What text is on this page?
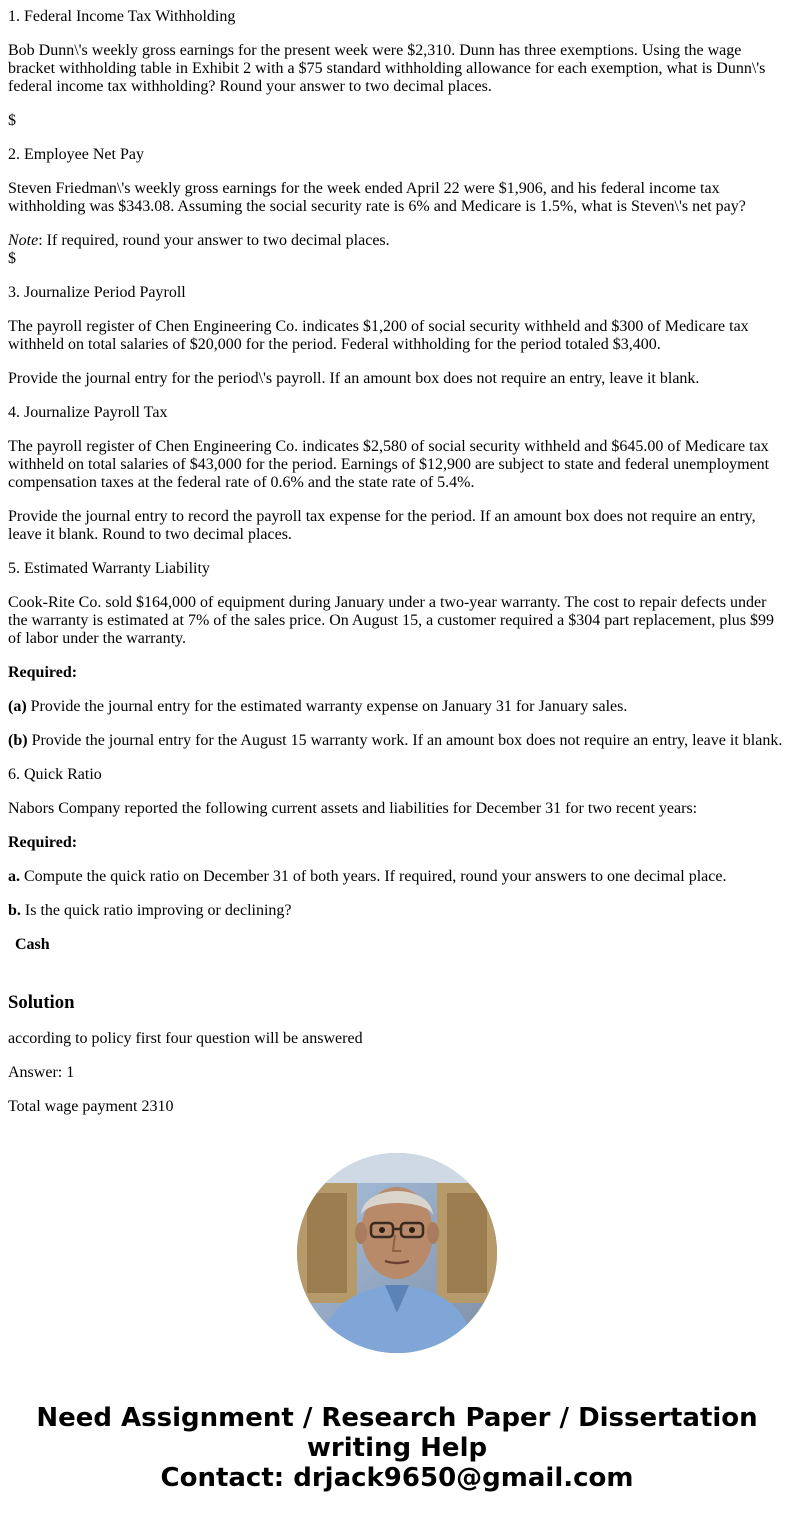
1. Federal Income Tax Withholding

Bob Dunn\'s weekly gross earnings for the present week were $2,310. Dunn has three exemptions. Using the wage bracket withholding table in Exhibit 2 with a $75 standard withholding allowance for each exemption, what is Dunn\'s federal income tax withholding? Round your answer to two decimal places.

$

2. Employee Net Pay

Steven Friedman\'s weekly gross earnings for the week ended April 22 were $1,906, and his federal income tax withholding was $343.08. Assuming the social security rate is 6% and Medicare is 1.5%, what is Steven\'s net pay?

Note: If required, round your answer to two decimal places.

$

3. Journalize Period Payroll

The payroll register of Chen Engineering Co. indicates $1,200 of social security withheld and $300 of Medicare tax withheld on total salaries of $20,000 for the period. Federal withholding for the period totaled $3,400.

Provide the journal entry for the period\'s payroll. If an amount box does not require an entry, leave it blank.

4. Journalize Payroll Tax

The payroll register of Chen Engineering Co. indicates $2,580 of social security withheld and $645.00 of Medicare tax withheld on total salaries of $43,000 for the period. Earnings of $12,900 are subject to state and federal unemployment compensation taxes at the federal rate of 0.6% and the state rate of 5.4%.

Provide the journal entry to record the payroll tax expense for the period. If an amount box does not require an entry, leave it blank. Round to two decimal places.

5. Estimated Warranty Liability

Cook-Rite Co. sold $164,000 of equipment during January under a two-year warranty. The cost to repair defects under the warranty is estimated at 7% of the sales price. On August 15, a customer required a $304 part replacement, plus $99 of labor under the warranty.

Required:

(a) Provide the journal entry for the estimated warranty expense on January 31 for January sales.

(b) Provide the journal entry for the August 15 warranty work. If an amount box does not require an entry, leave it blank.

6. Quick Ratio

Nabors Company reported the following current assets and liabilities for December 31 for two recent years:

Required:

a. Compute the quick ratio on December 31 of both years. If required, round your answers to one decimal place.

b. Is the quick ratio improving or declining?

Cash
Solution

according to policy first four question will be answered

Answer: 1

Total wage payment 2310

Need Assignment / Research Paper / Dissertation
writing Help
Contact: drjack9650@gmail.com
